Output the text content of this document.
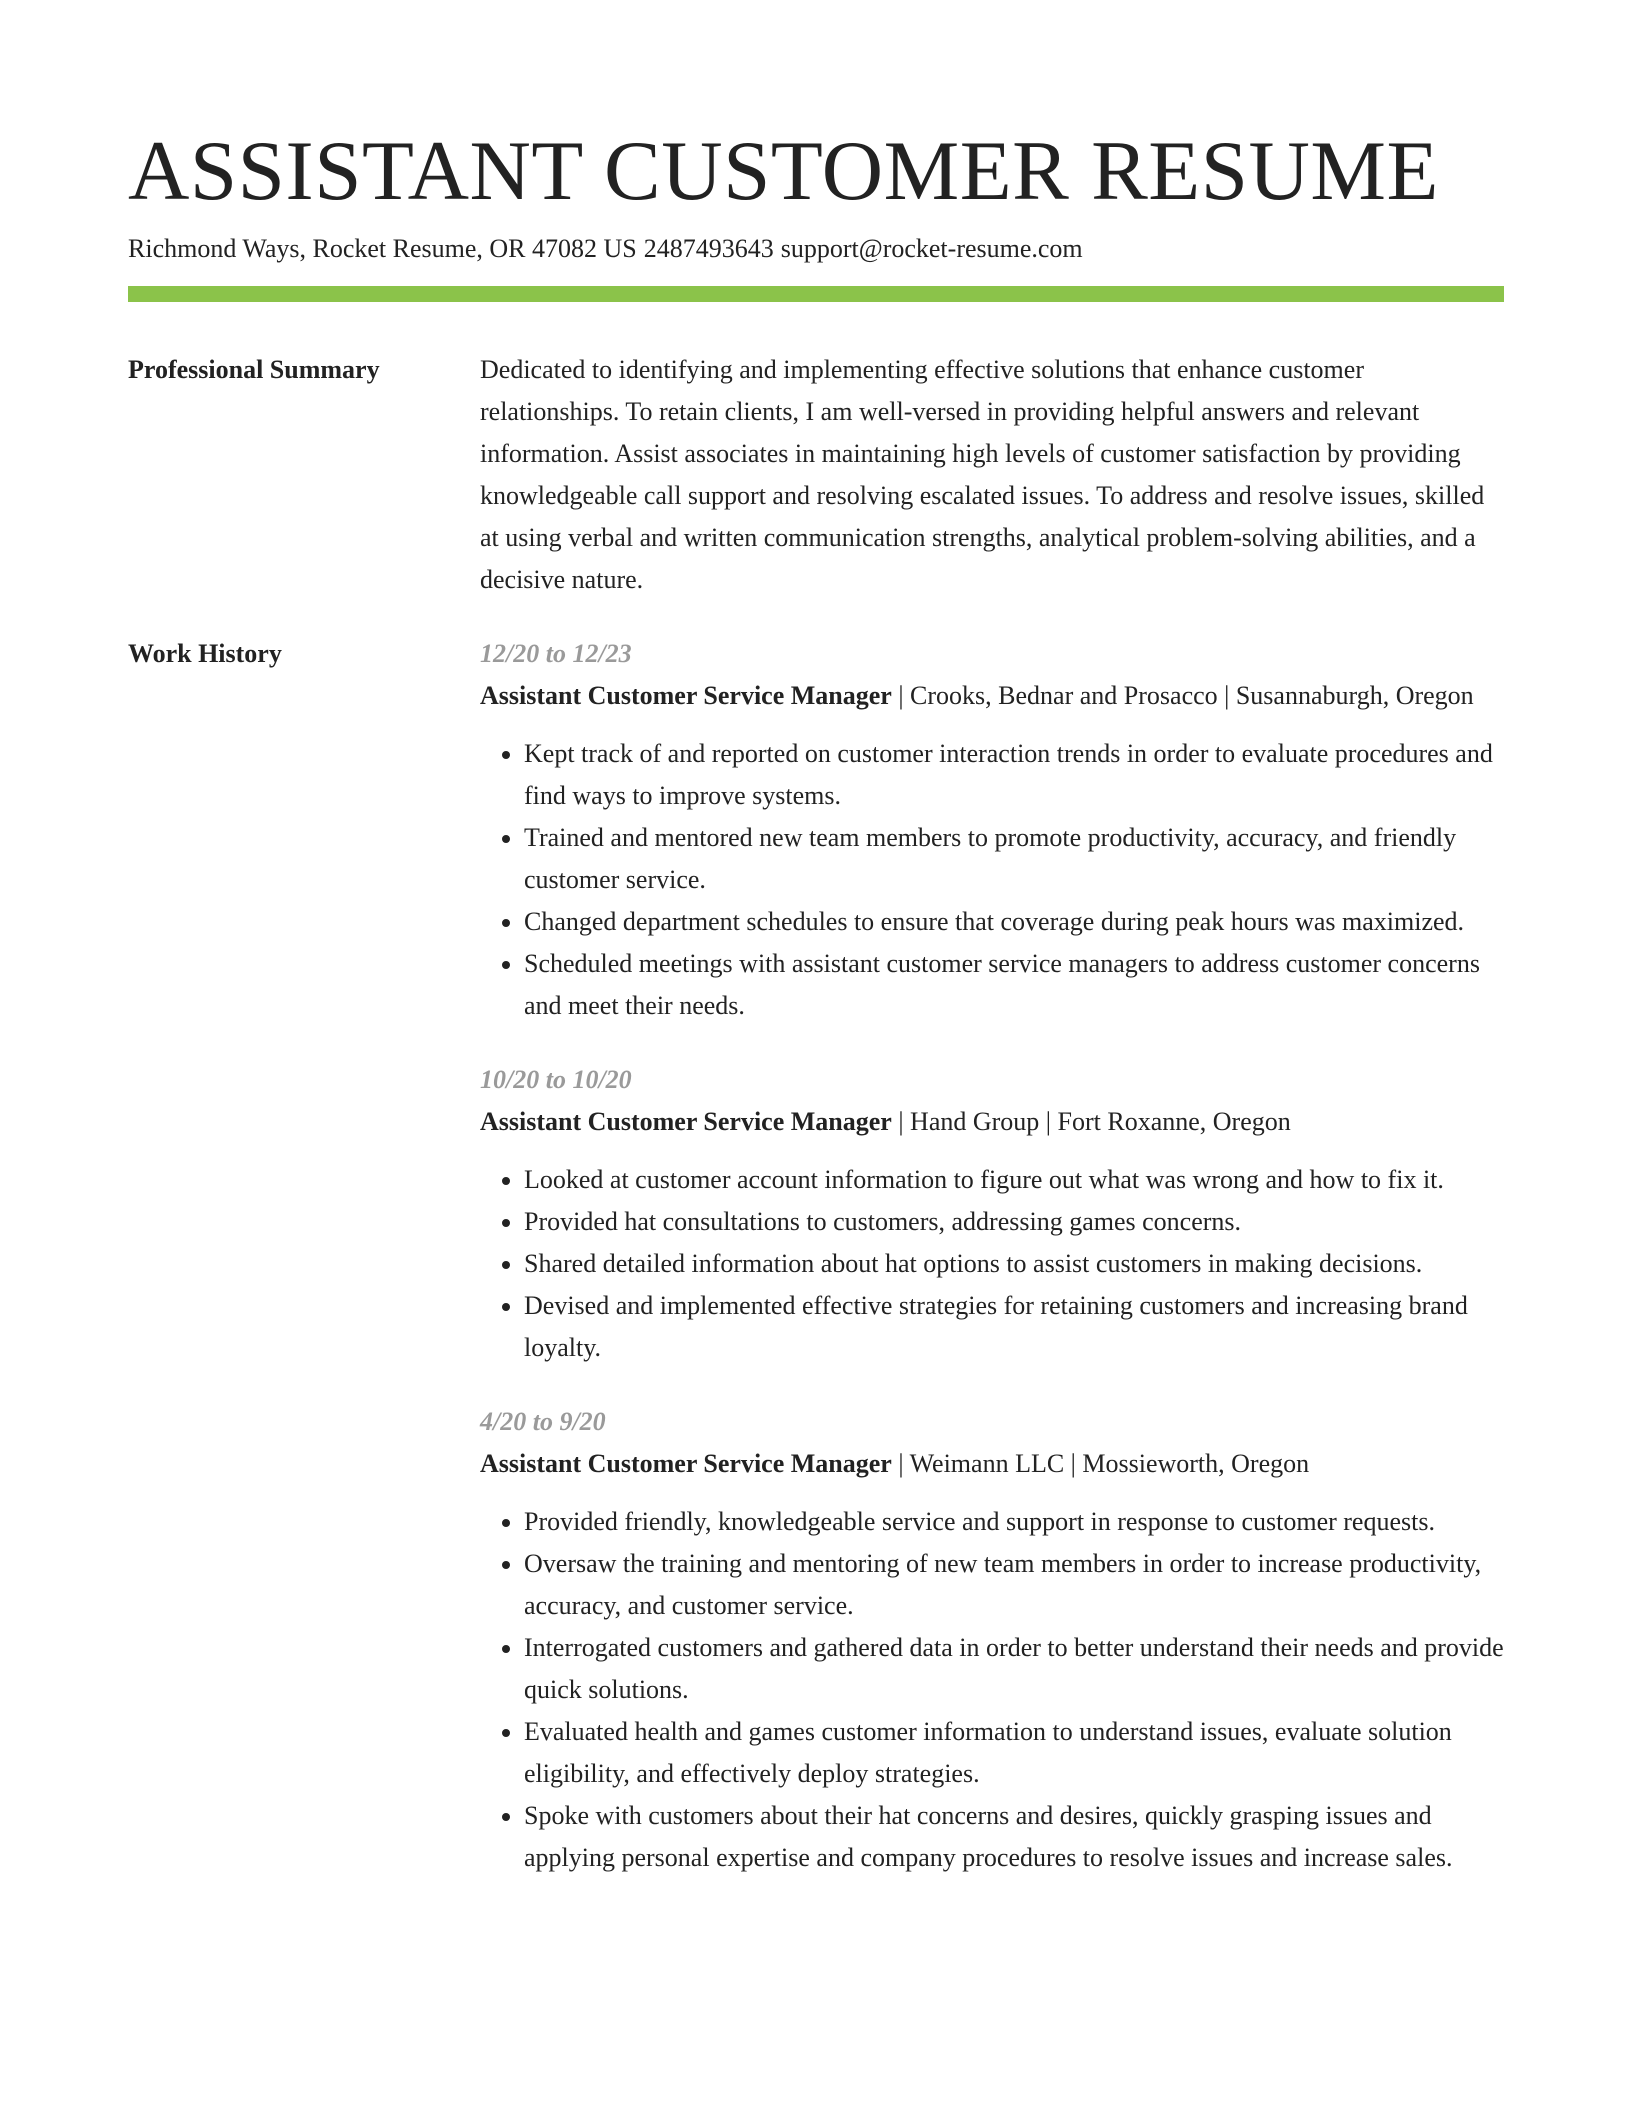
ASSISTANT CUSTOMER RESUME
Richmond Ways, Rocket Resume, OR 47082 US 2487493643 support@rocket-resume.com
Professional Summary	Dedicated to identifying and implementing effective solutions that enhance customer relationships. To retain clients, I am well-versed in providing helpful answers and relevant information. Assist associates in maintaining high levels of customer satisfaction by providing knowledgeable call support and resolving escalated issues. To address and resolve issues, skilled at using verbal and written communication strengths, analytical problem-solving abilities, and a decisive nature.

Work History	12/20 to 12/23

Assistant Customer Service Manager | Crooks, Bednar and Prosacco | Susannaburgh, Oregon

• Kept track of and reported on customer interaction trends in order to evaluate procedures and find ways to improve systems.
• Trained and mentored new team members to promote productivity, accuracy, and friendly customer service.
• Changed department schedules to ensure that coverage during peak hours was maximized.
• Scheduled meetings with assistant customer service managers to address customer concerns and meet their needs.

10/20 to 10/20

Assistant Customer Service Manager | Hand Group | Fort Roxanne, Oregon

• Looked at customer account information to figure out what was wrong and how to fix it.
• Provided hat consultations to customers, addressing games concerns.
• Shared detailed information about hat options to assist customers in making decisions.
• Devised and implemented effective strategies for retaining customers and increasing brand loyalty.

4/20 to 9/20

Assistant Customer Service Manager | Weimann LLC | Mossieworth, Oregon

• Provided friendly, knowledgeable service and support in response to customer requests.
• Oversaw the training and mentoring of new team members in order to increase productivity, accuracy, and customer service.
• Interrogated customers and gathered data in order to better understand their needs and provide quick solutions.
• Evaluated health and games customer information to understand issues, evaluate solution eligibility, and effectively deploy strategies.
• Spoke with customers about their hat concerns and desires, quickly grasping issues and applying personal expertise and company procedures to resolve issues and increase sales.
